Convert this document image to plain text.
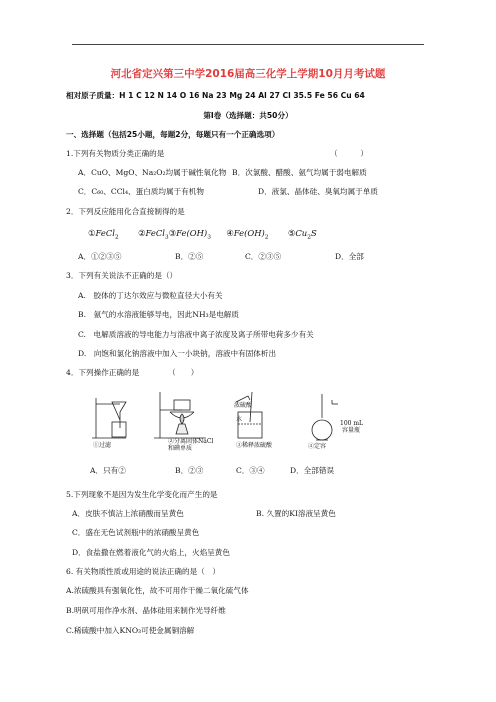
河北省定兴第三中学2016届高三化学上学期10月月考试题
相对原子质量：H 1 C 12 N 14 O 16 Na 23 Mg 24 Al 27 Cl 35.5 Fe 56 Cu 64
第Ⅰ卷（选择题：共50分）
一、选择题（包括25小题，每题2分，每题只有一个正确选项）
1.下列有关物质分类正确的是	（　　　）
A．CuO、MgO、Na₂O₂均属于碱性氧化物 B．次氯酸、醋酸、氨气均属于弱电解质
C．C₆₀、CCl₄、蛋白质均属于有机物	D．液氯、晶体硅、臭氧均属于单质
2．下列反应能用化合直接制得的是
①FeCl$_2$ $②FeCl_3③Fe(OH)_3$ $④Fe(OH)_2$ $⑤Cu_2S$
A．①②③⑤	B．②⑤	C．②③⑤	D．全部
3．下列有关说法不正确的是（）
A.　胶体的丁达尔效应与微粒直径大小有关
B.　氨气的水溶液能够导电，因此NH₃是电解质
C.　电解质溶液的导电能力与溶液中离子浓度及离子所带电荷多少有关
D.　向饱和氯化钠溶液中加入一小块钠，溶液中有固体析出
4．下列操作正确的是	（　　）
①过滤
②分离固体NaCl
和碘单质
浓硫酸
水
③稀释浓硫酸
100 mL
容量瓶
④定容
A．只有②	B．②③	C．③④	D．全部错误
5.下列现象不是因为发生化学变化而产生的是
A．皮肤不慎沾上浓硝酸而呈黄色	B. 久置的KI溶液呈黄色
C．盛在无色试剂瓶中的浓硝酸呈黄色
D．食盐撒在燃着液化气的火焰上，火焰呈黄色
6. 有关物质性质或用途的说法正确的是（　）
A.浓硫酸具有强氧化性，故不可用作干燥二氧化硫气体
B.明矾可用作净水剂、晶体硅用来制作光导纤维
C.稀硫酸中加入KNO₃可使金属铜溶解
